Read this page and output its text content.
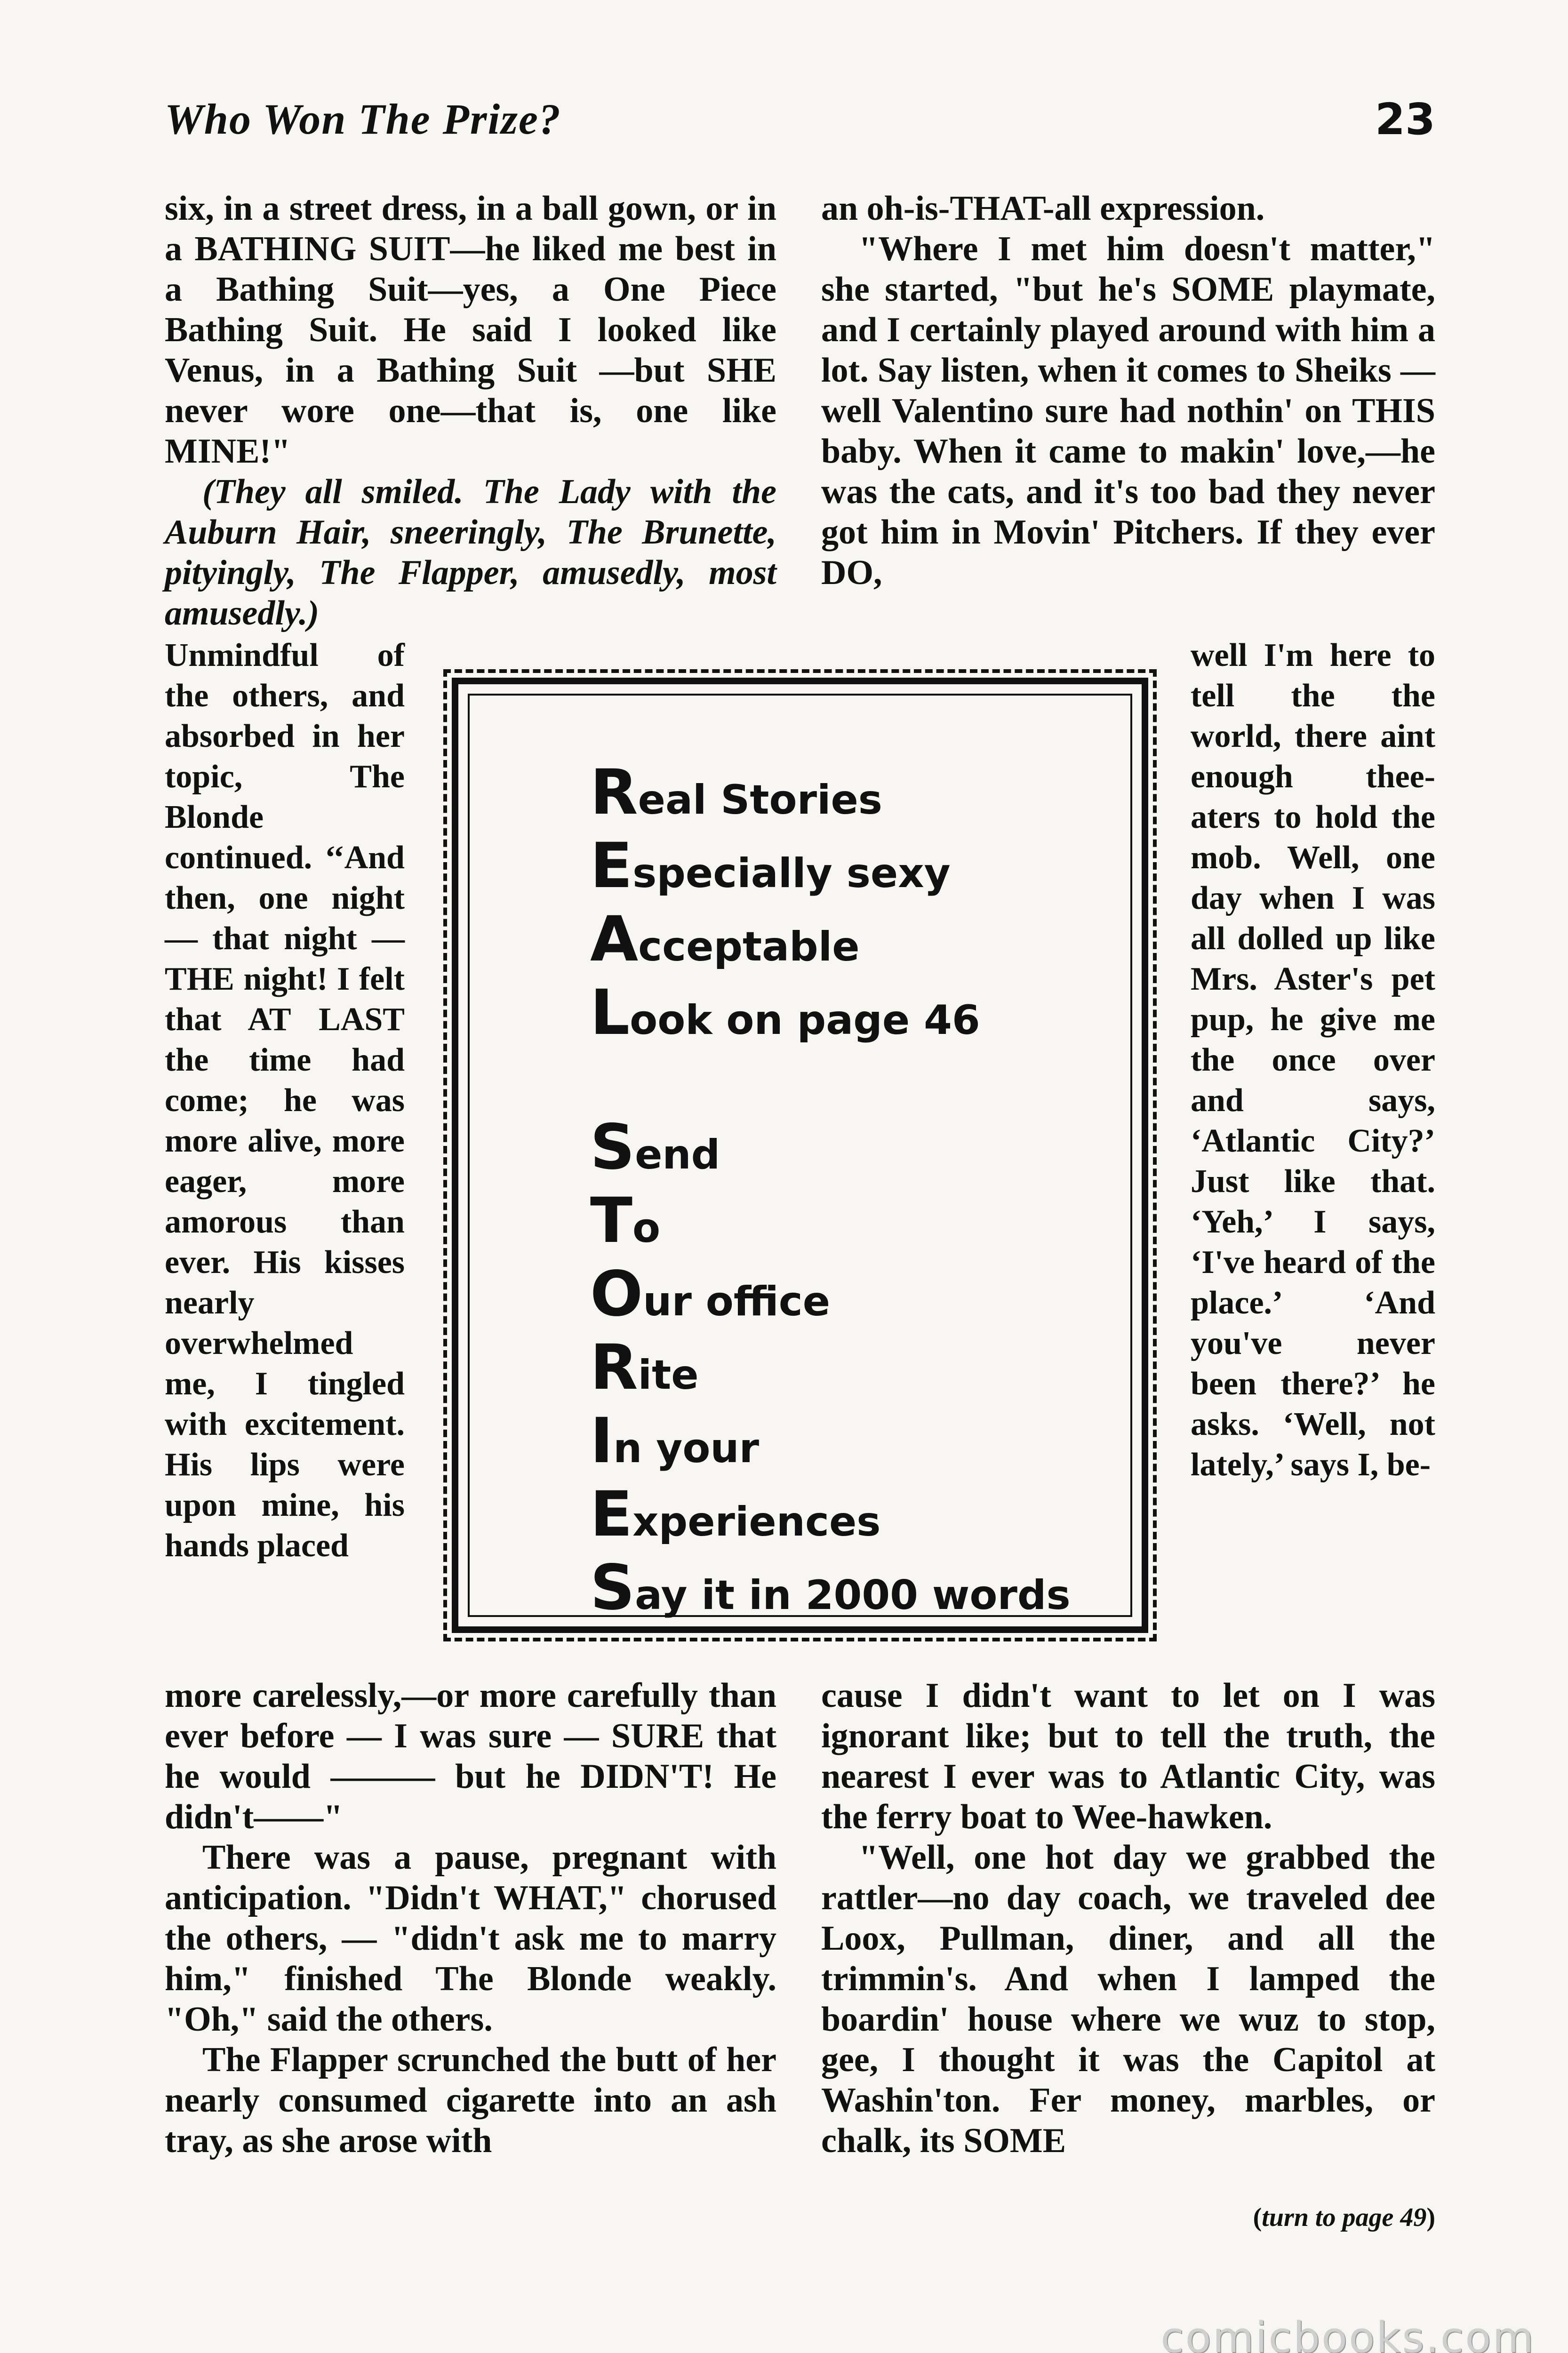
Who Won The Prize?	23

six, in a street dress, in a ball gown, or in a BATHING SUIT—he liked me best in a Bathing Suit—yes, a One Piece Bathing Suit. He said I looked like Venus, in a Bathing Suit —but SHE never wore one—that is, one like MINE!"

(They all smiled. The Lady with the Auburn Hair, sneeringly, The Brunette, pityingly, The Flapper, amusedly, most amusedly.)

Unmindful of the others, and absorbed in her topic, The Blonde continued. ‘‘And then, one night — that night — THE night! I felt that AT LAST the time had come; he was more alive, more eager, more amorous than ever. His kisses nearly overwhelmed me, I tingled with excitement. His lips were upon mine, his hands placed

more carelessly,—or more carefully than ever before — I was sure — SURE that he would ——— but he DIDN'T! He didn't——"

There was a pause, pregnant with anticipation. "Didn't WHAT," chorused the others, — "didn't ask me to marry him," finished The Blonde weakly. "Oh," said the others.

The Flapper scrunched the butt of her nearly consumed cigarette into an ash tray, as she arose with

an oh-is-THAT-all expression.

"Where I met him doesn't matter," she started, "but he's SOME playmate, and I certainly played around with him a lot. Say listen, when it comes to Sheiks — well Valentino sure had nothin' on THIS baby. When it came to makin' love,—he was the cats, and it's too bad they never got him in Movin' Pitchers. If they ever DO,

well I'm here to tell the the world, there aint enough thee-aters to hold the mob. Well, one day when I was all dolled up like Mrs. Aster's pet pup, he give me the once over and says, ‘Atlantic City?’ Just like that. ‘Yeh,’ I says, ‘I've heard of the place.’ ‘And you've never been there?’ he asks. ‘Well, not lately,’ says I, be-

cause I didn't want to let on I was ignorant like; but to tell the truth, the nearest I ever was to Atlantic City, was the ferry boat to Wee-hawken.

"Well, one hot day we grabbed the rattler—no day coach, we traveled dee Loox, Pullman, diner, and all the trimmin's. And when I lamped the boardin' house where we wuz to stop, gee, I thought it was the Capitol at Washin'ton. Fer money, marbles, or chalk, its SOME

(turn to page 49)
Real Stories
Especially sexy
Acceptable
Look on page 46
Send
To
Our office
Rite
In your
Experiences
Say it in 2000 words
comicbooks.com
